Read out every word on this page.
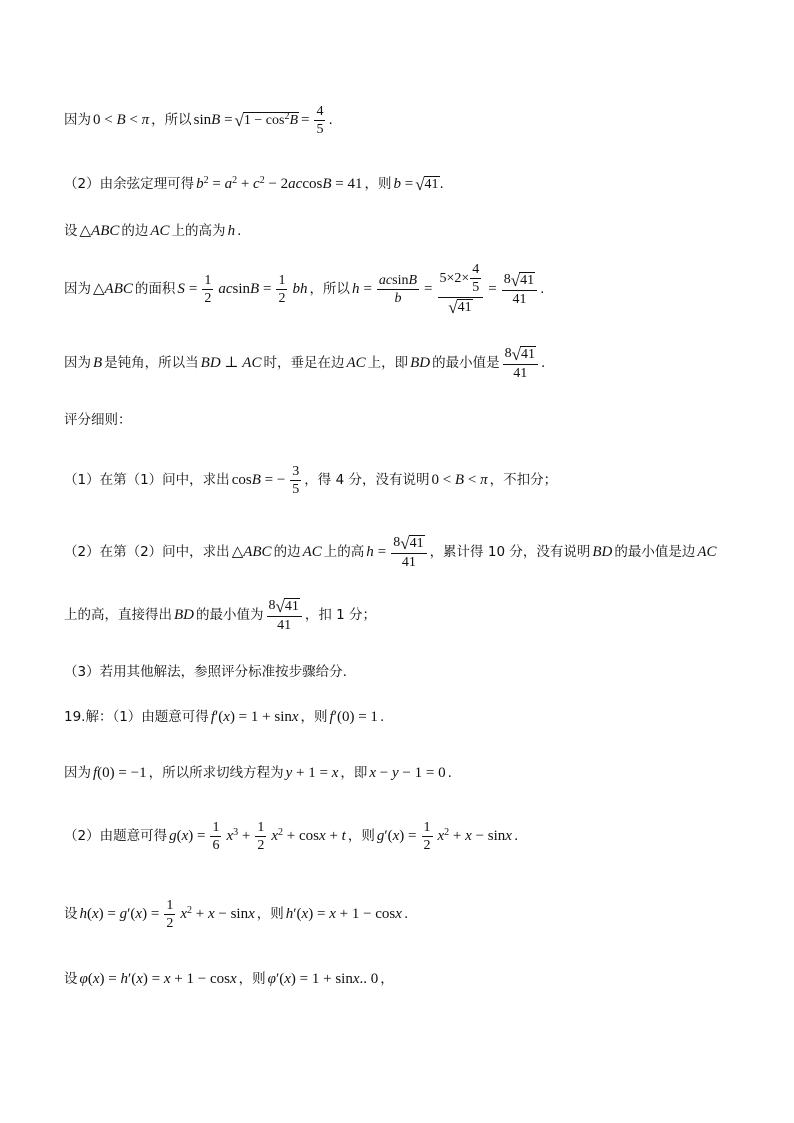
因为 0 < B < π ，所以 sinB = √ $1 - \cos^2B = \frac{4}{5}$ .
（2）由余弦定理可得 $b^2 = a^2 + c^2 - 2accosB = 41$ ，则 b = √ 41 .
设 △ABC 的边 AC 上的高为 h .
因为 △ABC 的面积 $S = \frac{1}{2}$ $acsinB = \frac{1}{2}$ bh ，所以 $h = \frac{acsinB}{b} = \frac{5\times 2\times \frac{4}{5}}{√ 41} = \frac{8 √ 41}{41}$ .
因为 B 是钝角，所以当 BD ⊥ AC 时，垂足在边 AC 上，即 BD 的最小值是 $\frac{8 √ 41}{41}$ .
评分细则：
（1）在第（1）问中，求出 cosB = − $\frac{3}{5}$ ，得 4 分，没有说明 0 < B < π ，不扣分；
（2）在第（2）问中，求出 △ABC 的边 AC 上的高 $h = \frac{8 √ 41}{41}$ ，累计得 10 分，没有说明 BD 的最小值是边 AC
上的高，直接得出 BD 的最小值为 $\frac{8 √ 41}{41}$ ，扣 1 分；
（3）若用其他解法，参照评分标准按步骤给分.
19.解：（1）由题意可得 f′(x) = 1 + sinx ，则 f′(0) = 1 .
因为 f(0) = −1 ，所以所求切线方程为 y + 1 = x ，即 x − y − 1 = 0 .
（2）由题意可得 $g(x) = \frac{1}{6} x^3 + \frac{1}{2} x^2 + \cos x + t$ ，则 $g'(x) = \frac{1}{2} x^2 + x - \sin x$ .
设 $h(x) = g'(x) = \frac{1}{2} x^2 + x - \sin x$ ，则 h′(x) = x + 1 − cosx .
设 φ(x) = h′(x) = x + 1 − cosx ，则 φ′(x) = 1 + sinx.. 0 ，
